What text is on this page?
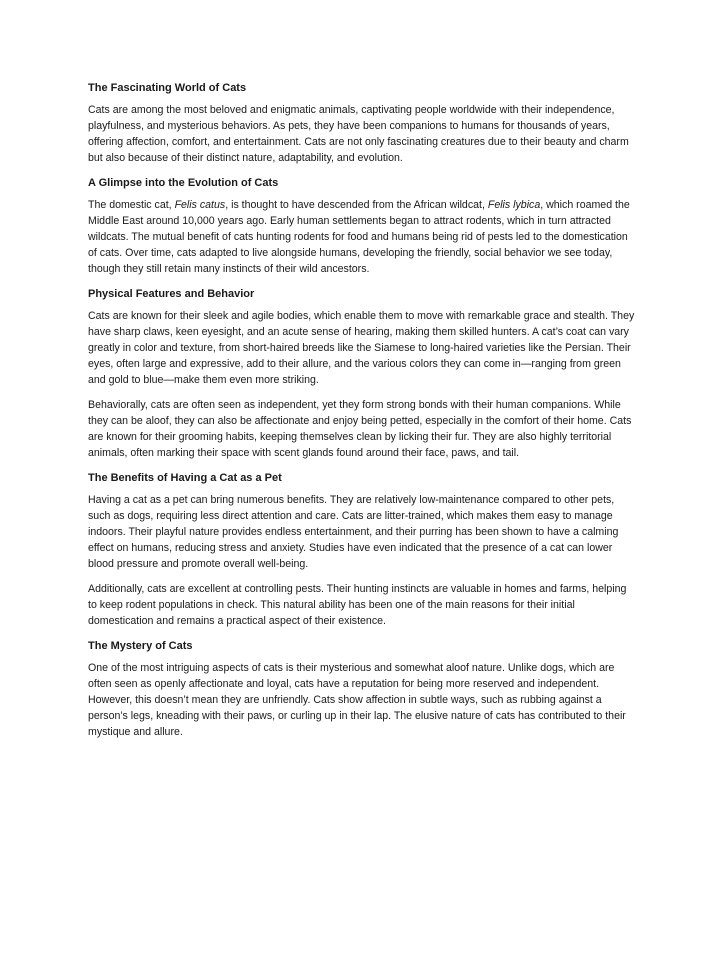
The Fascinating World of Cats

Cats are among the most beloved and enigmatic animals, captivating people worldwide with their independence, playfulness, and mysterious behaviors. As pets, they have been companions to humans for thousands of years, offering affection, comfort, and entertainment. Cats are not only fascinating creatures due to their beauty and charm but also because of their distinct nature, adaptability, and evolution.

A Glimpse into the Evolution of Cats

The domestic cat, Felis catus, is thought to have descended from the African wildcat, Felis lybica, which roamed the Middle East around 10,000 years ago. Early human settlements began to attract rodents, which in turn attracted wildcats. The mutual benefit of cats hunting rodents for food and humans being rid of pests led to the domestication of cats. Over time, cats adapted to live alongside humans, developing the friendly, social behavior we see today, though they still retain many instincts of their wild ancestors.

Physical Features and Behavior

Cats are known for their sleek and agile bodies, which enable them to move with remarkable grace and stealth. They have sharp claws, keen eyesight, and an acute sense of hearing, making them skilled hunters. A cat’s coat can vary greatly in color and texture, from short-haired breeds like the Siamese to long-haired varieties like the Persian. Their eyes, often large and expressive, add to their allure, and the various colors they can come in—ranging from green and gold to blue—make them even more striking.

Behaviorally, cats are often seen as independent, yet they form strong bonds with their human companions. While they can be aloof, they can also be affectionate and enjoy being petted, especially in the comfort of their home. Cats are known for their grooming habits, keeping themselves clean by licking their fur. They are also highly territorial animals, often marking their space with scent glands found around their face, paws, and tail.

The Benefits of Having a Cat as a Pet

Having a cat as a pet can bring numerous benefits. They are relatively low-maintenance compared to other pets, such as dogs, requiring less direct attention and care. Cats are litter-trained, which makes them easy to manage indoors. Their playful nature provides endless entertainment, and their purring has been shown to have a calming effect on humans, reducing stress and anxiety. Studies have even indicated that the presence of a cat can lower blood pressure and promote overall well-being.

Additionally, cats are excellent at controlling pests. Their hunting instincts are valuable in homes and farms, helping to keep rodent populations in check. This natural ability has been one of the main reasons for their initial domestication and remains a practical aspect of their existence.

The Mystery of Cats

One of the most intriguing aspects of cats is their mysterious and somewhat aloof nature. Unlike dogs, which are often seen as openly affectionate and loyal, cats have a reputation for being more reserved and independent. However, this doesn’t mean they are unfriendly. Cats show affection in subtle ways, such as rubbing against a person’s legs, kneading with their paws, or curling up in their lap. The elusive nature of cats has contributed to their mystique and allure.
